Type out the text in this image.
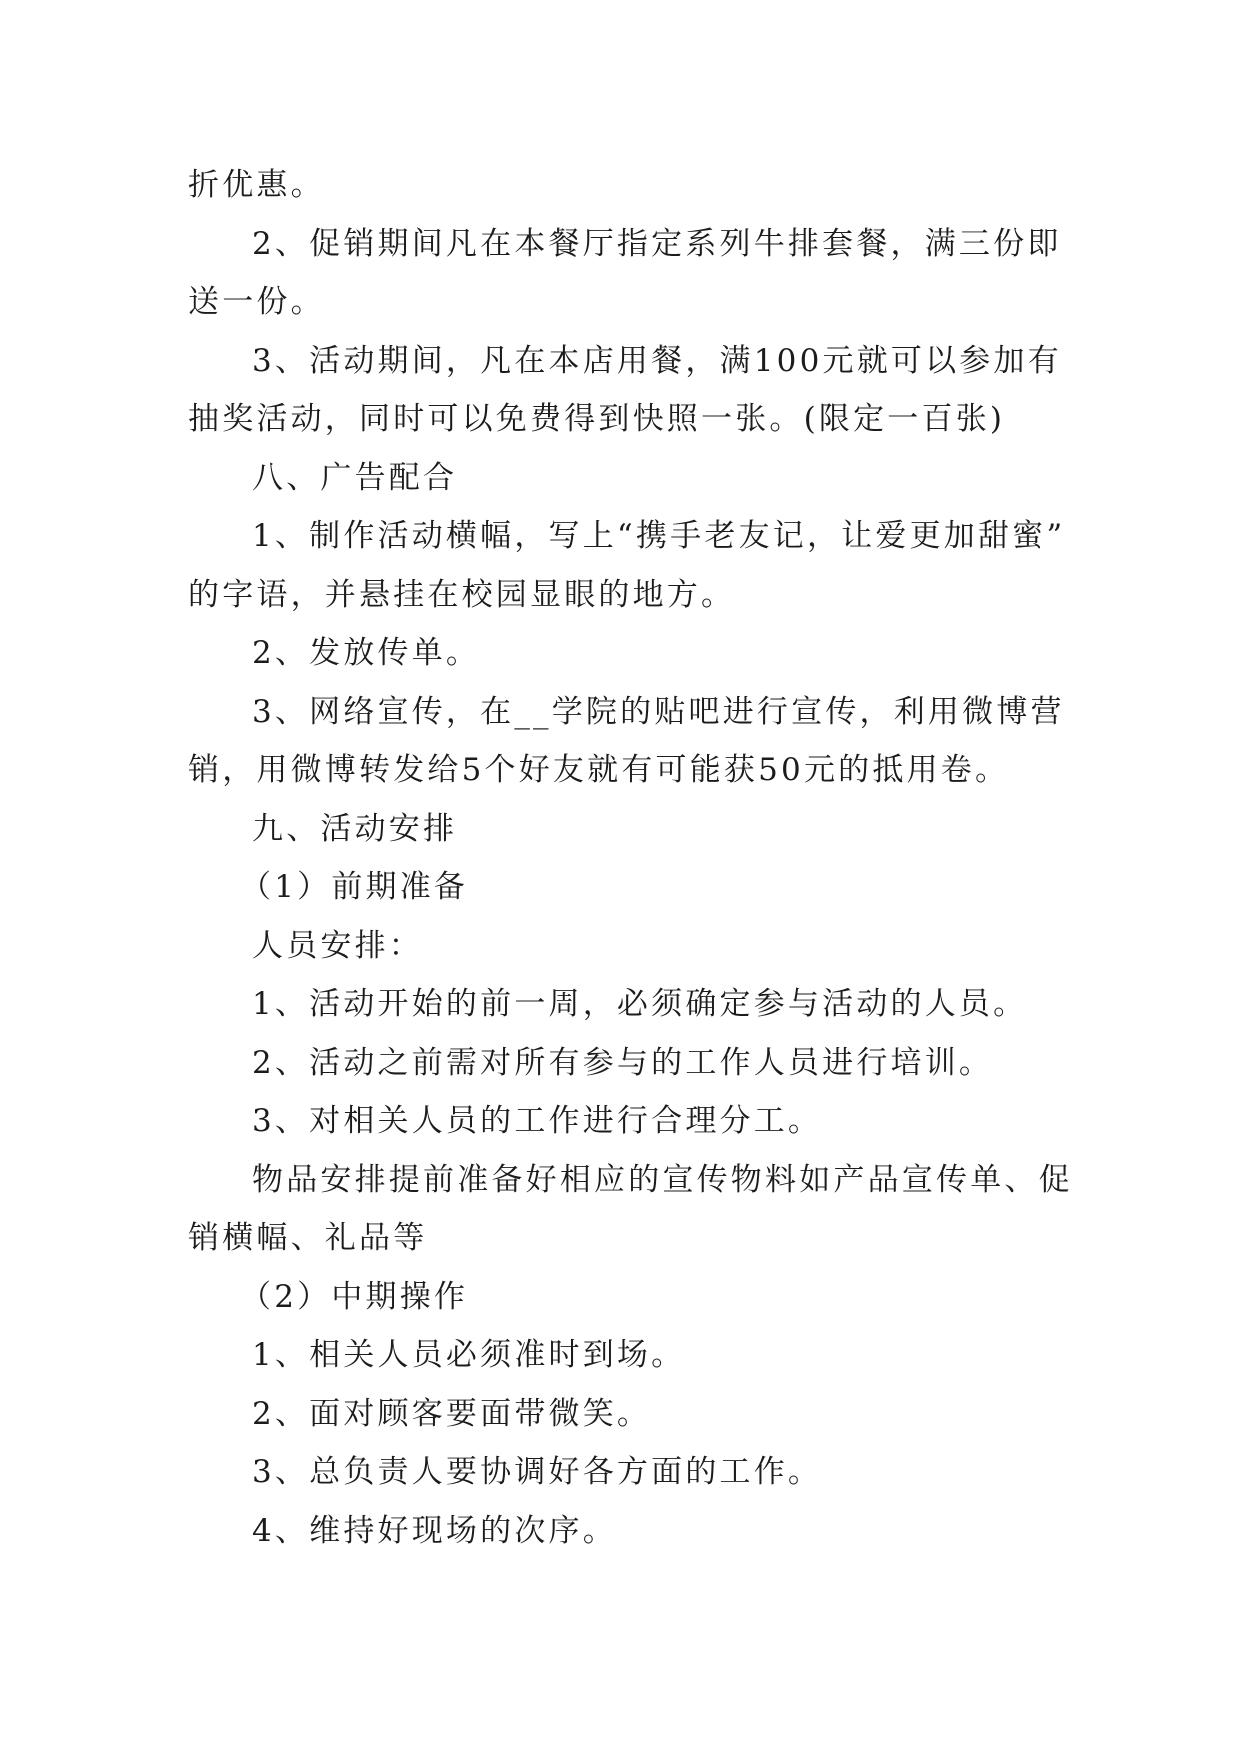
折优惠。
2、促销期间凡在本餐厅指定系列牛排套餐，满三份即
送一份。
3、活动期间，凡在本店用餐，满100元就可以参加有
抽奖活动，同时可以免费得到快照一张。(限定一百张)
八、广告配合
1、制作活动横幅，写上“携手老友记，让爱更加甜蜜”
的字语，并悬挂在校园显眼的地方。
2、发放传单。
3、网络宣传，在__学院的贴吧进行宣传，利用微博营
销，用微博转发给5个好友就有可能获50元的抵用卷。
九、活动安排
（1）前期准备
人员安排：
1、活动开始的前一周，必须确定参与活动的人员。
2、活动之前需对所有参与的工作人员进行培训。
3、对相关人员的工作进行合理分工。
物品安排提前准备好相应的宣传物料如产品宣传单、促
销横幅、礼品等
（2）中期操作
1、相关人员必须准时到场。
2、面对顾客要面带微笑。
3、总负责人要协调好各方面的工作。
4、维持好现场的次序。
